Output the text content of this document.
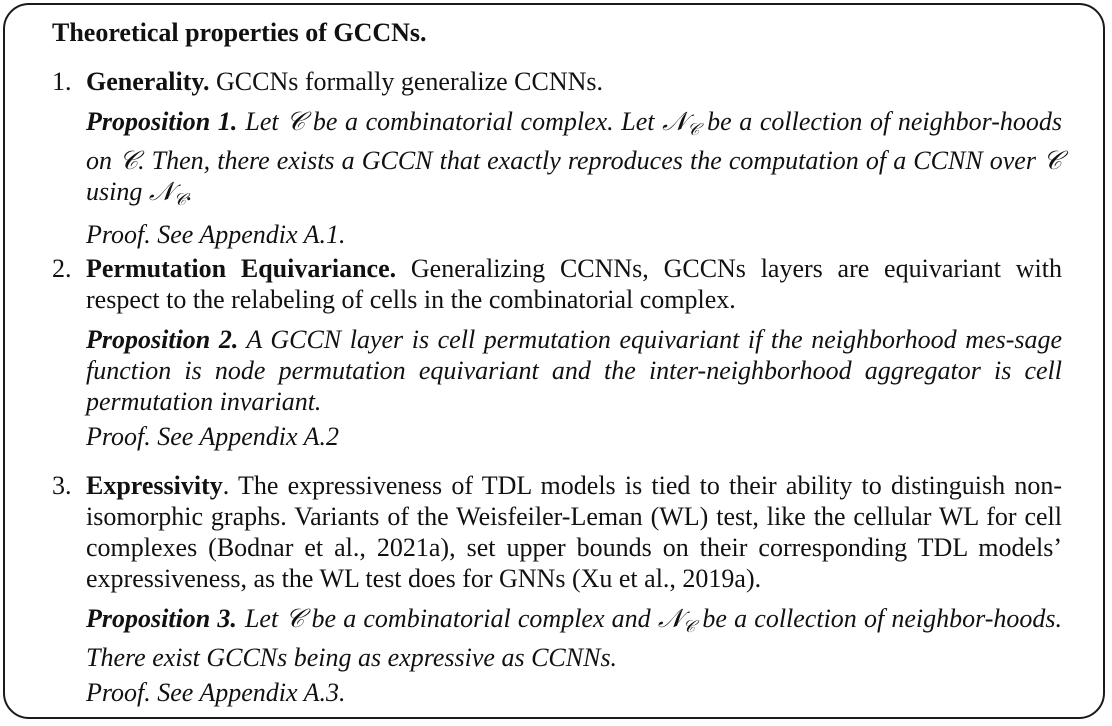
Theoretical properties of GCCNs.
1. Generality. GCCNs formally generalize CCNNs.
Proposition 1. Let 𝒞 be a combinatorial complex. Let 𝒩$_𝒞$ be a collection of neighbor-hoods on 𝒞. Then, there exists a GCCN that exactly reproduces the computation of a CCNN over 𝒞 using 𝒩$_𝒞$.
Proof. See Appendix A.1.
2. Permutation Equivariance. Generalizing CCNNs, GCCNs layers are equivariant with respect to the relabeling of cells in the combinatorial complex.
Proposition 2. A GCCN layer is cell permutation equivariant if the neighborhood mes-sage function is node permutation equivariant and the inter-neighborhood aggregator is cell permutation invariant.
Proof. See Appendix A.2
3. Expressivity. The expressiveness of TDL models is tied to their ability to distinguish non-isomorphic graphs. Variants of the Weisfeiler-Leman (WL) test, like the cellular WL for cell complexes (Bodnar et al., 2021a), set upper bounds on their corresponding TDL models’ expressiveness, as the WL test does for GNNs (Xu et al., 2019a).
Proposition 3. Let 𝒞 be a combinatorial complex and 𝒩$_𝒞$ be a collection of neighbor-hoods. There exist GCCNs being as expressive as CCNNs.
Proof. See Appendix A.3.
